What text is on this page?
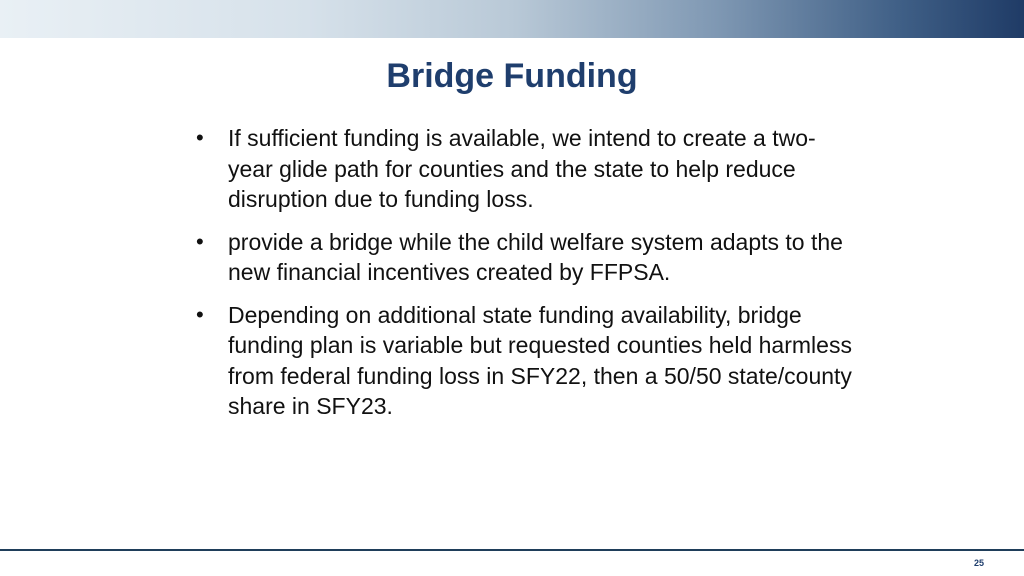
Bridge Funding
•	If sufficient funding is available, we intend to create a two-year glide path for counties and the state to help reduce disruption due to funding loss.
•	provide a bridge while the child welfare system adapts to the new financial incentives created by FFPSA.
•	Depending on additional state funding availability, bridge funding plan is variable but requested counties held harmless from federal funding loss in SFY22, then a 50/50 state/county share in SFY23.
25
